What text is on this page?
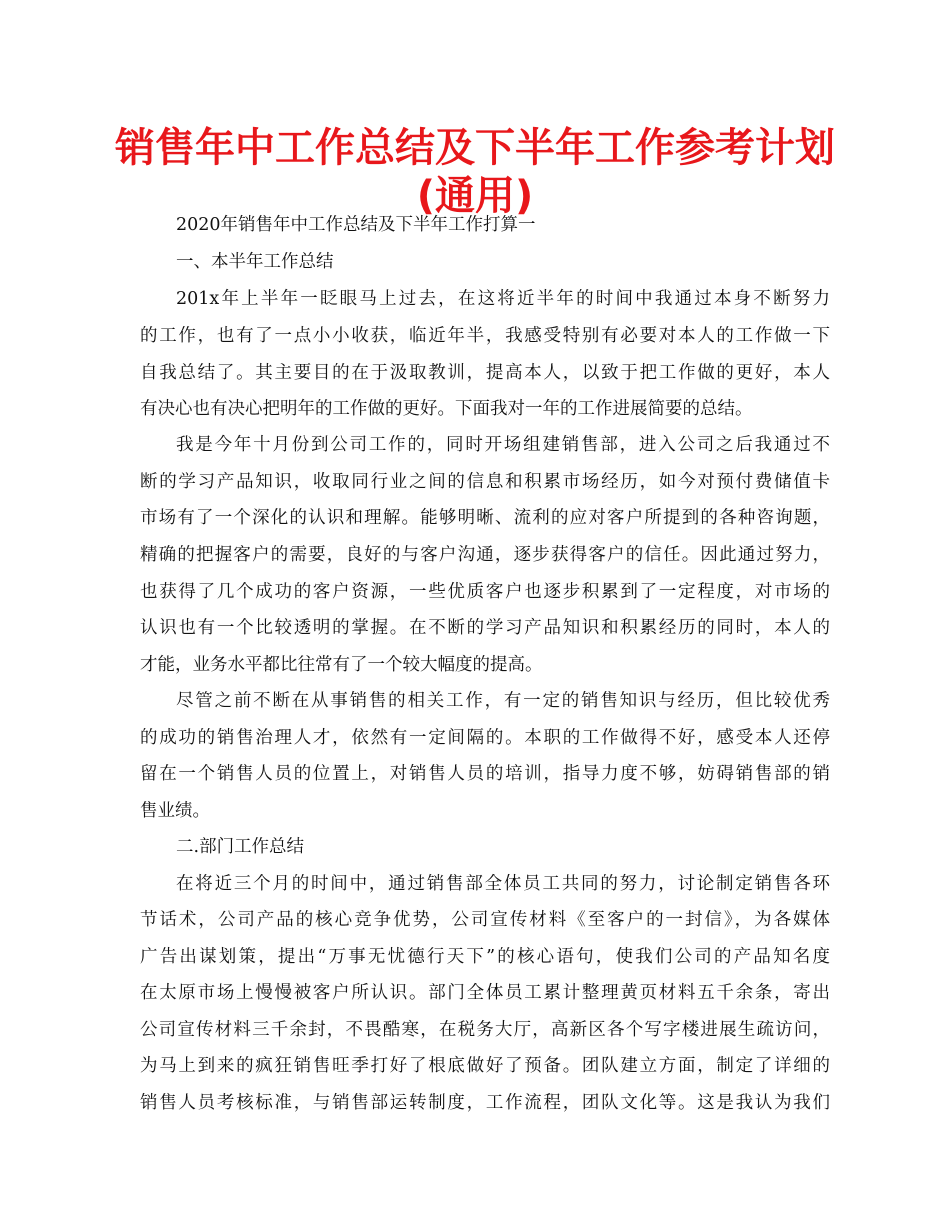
销售年中工作总结及下半年工作参考计划
(通用)

2020年销售年中工作总结及下半年工作打算一

一、本半年工作总结

201x年上半年一眨眼马上过去，在这将近半年的时间中我通过本身不断努力

的工作，也有了一点小小收获，临近年半，我感受特别有必要对本人的工作做一下

自我总结了。其主要目的在于汲取教训，提高本人，以致于把工作做的更好，本人

有决心也有决心把明年的工作做的更好。下面我对一年的工作进展简要的总结。

我是今年十月份到公司工作的，同时开场组建销售部，进入公司之后我通过不

断的学习产品知识，收取同行业之间的信息和积累市场经历，如今对预付费储值卡

市场有了一个深化的认识和理解。能够明晰、流利的应对客户所提到的各种咨询题，

精确的把握客户的需要，良好的与客户沟通，逐步获得客户的信任。因此通过努力，

也获得了几个成功的客户资源，一些优质客户也逐步积累到了一定程度，对市场的

认识也有一个比较透明的掌握。在不断的学习产品知识和积累经历的同时，本人的

才能，业务水平都比往常有了一个较大幅度的提高。

尽管之前不断在从事销售的相关工作，有一定的销售知识与经历，但比较优秀

的成功的销售治理人才，依然有一定间隔的。本职的工作做得不好，感受本人还停

留在一个销售人员的位置上，对销售人员的培训，指导力度不够，妨碍销售部的销

售业绩。

二.部门工作总结

在将近三个月的时间中，通过销售部全体员工共同的努力，讨论制定销售各环

节话术，公司产品的核心竞争优势，公司宣传材料《至客户的一封信》，为各媒体

广告出谋划策，提出“万事无忧德行天下”的核心语句，使我们公司的产品知名度

在太原市场上慢慢被客户所认识。部门全体员工累计整理黄页材料五千余条，寄出

公司宣传材料三千余封，不畏酷寒，在税务大厅，高新区各个写字楼进展生疏访问，

为马上到来的疯狂销售旺季打好了根底做好了预备。团队建立方面，制定了详细的

销售人员考核标准，与销售部运转制度，工作流程，团队文化等。这是我认为我们
